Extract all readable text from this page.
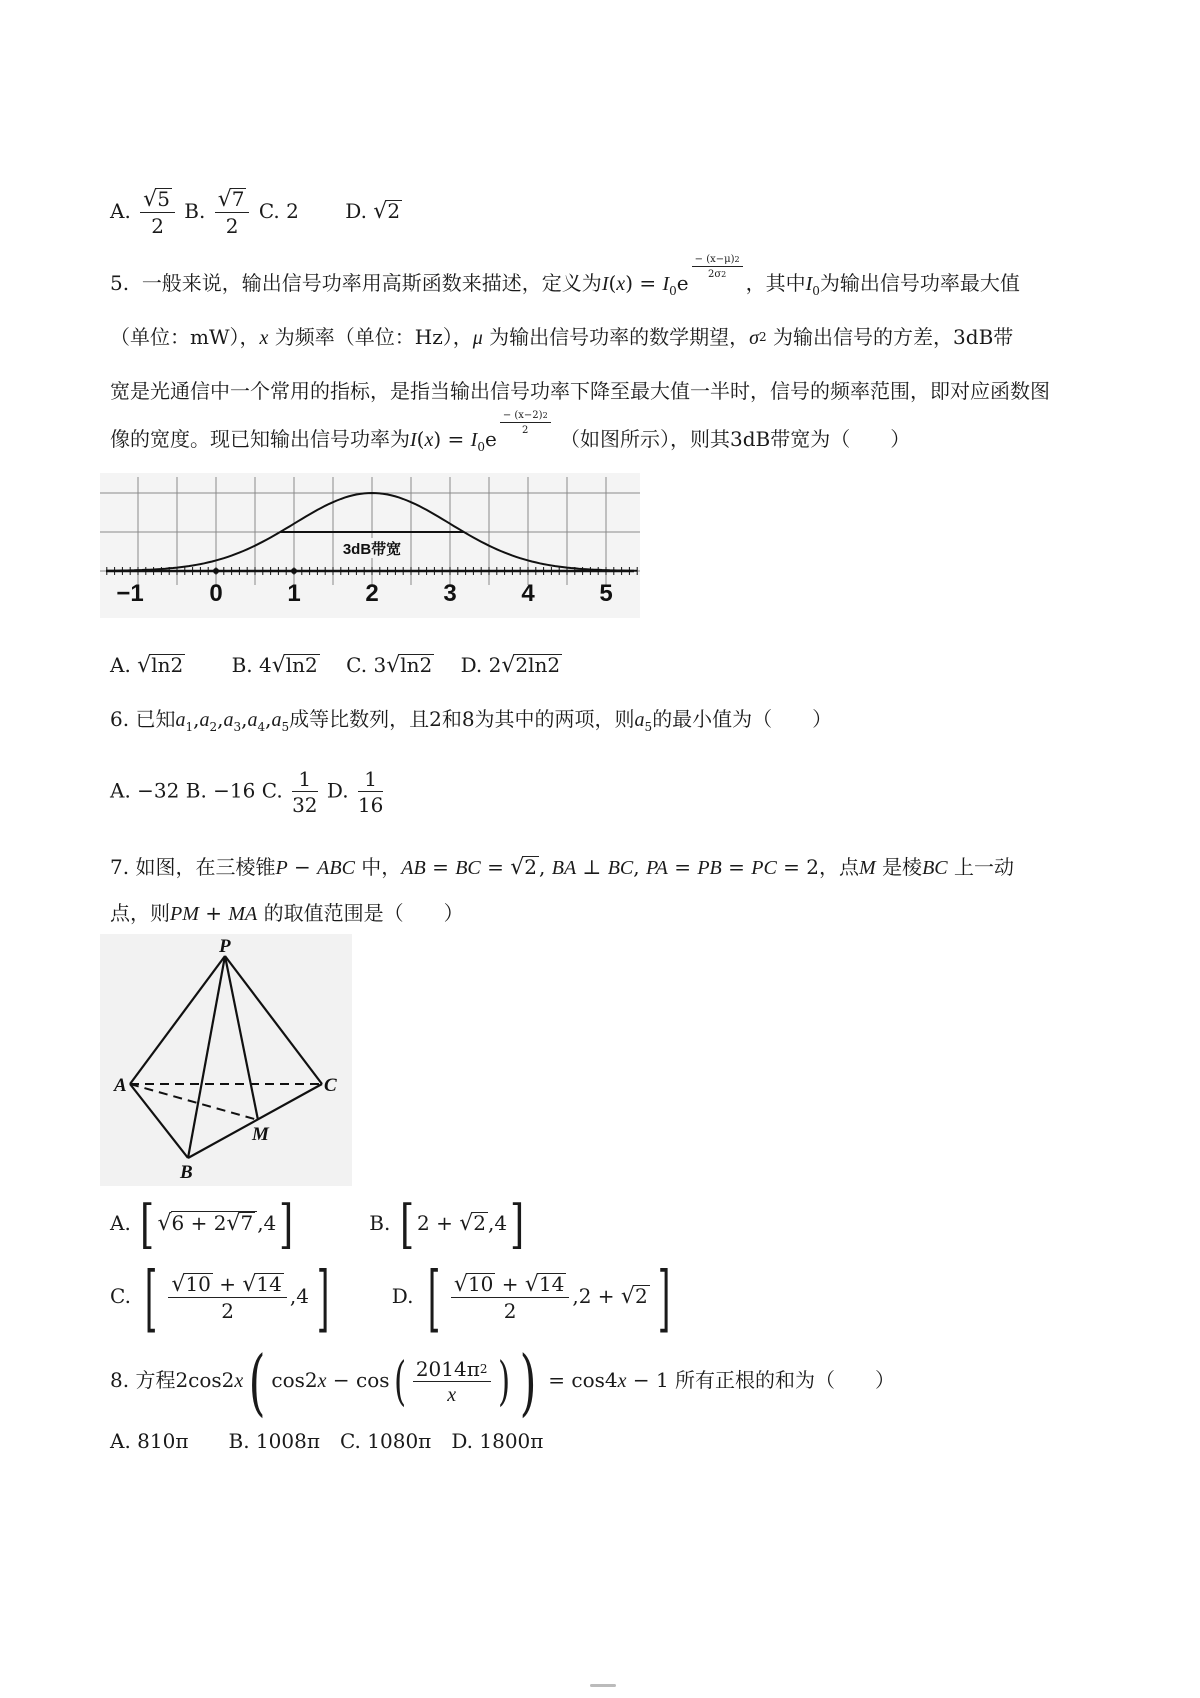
A. $\frac{√5}{2} B$. $\frac{√7}{2} C$. 2   D. √2
5. 一般来说，输出信号功率用高斯函数来描述，定义为$I(x) = I_0e$
$\frac{- (x-\mu)^2}{2\sigma^2}$
，其中$I_0$为输出信号功率最大值
（单位：mW），x 为频率（单位：Hz），μ 为输出信号功率的数学期望，$\sigma^2$ 为输出信号的方差，3dB带
宽是光通信中一个常用的指标，是指当输出信号功率下降至最大值一半时，信号的频率范围，即对应函数图
像的宽度。现已知输出信号功率为$I(x) = I_0e$
$\frac{- (x-2)^2}{2}$
（如图所示），则其3dB带宽为（　　）
3dB带宽
−1	0	1	2	3	4	5
A. √ln2   B. 4√ln2  C. 3√ln2  D. 2√2ln2
6. 已知$a_1,a_2,a_3,a_4,a_5$成等比数列，且2和8为其中的两项，则$a_5$的最小值为（　　）
A. −32 B. −16 C. $\frac{1}{32} D$. $\frac{1}{16}$
7. 如图，在三棱锥P − ABC 中，AB = BC = √2 , BA ⊥ BC, PA = PB = PC = 2，点M 是棱BC 上一动
点，则PM + MA 的取值范围是（　　）
P
A
B
C
M
A. [ √6 + 2√7 ,4]	B. [ 2 + √2 ,4]
C. [ $\frac{√10 + √14}{2} ,4$ ]	D. [ $\frac{√10 + √14}{2} ,2 + √2$ ]
8. 方程2cos2x( $\cos 2x - \cos( \frac{2014\pi^2}{x}$ ) ) = cos4x − 1 所有正根的和为（　　）
A. 810π   B. 1008π  C. 1080π  D. 1800π
